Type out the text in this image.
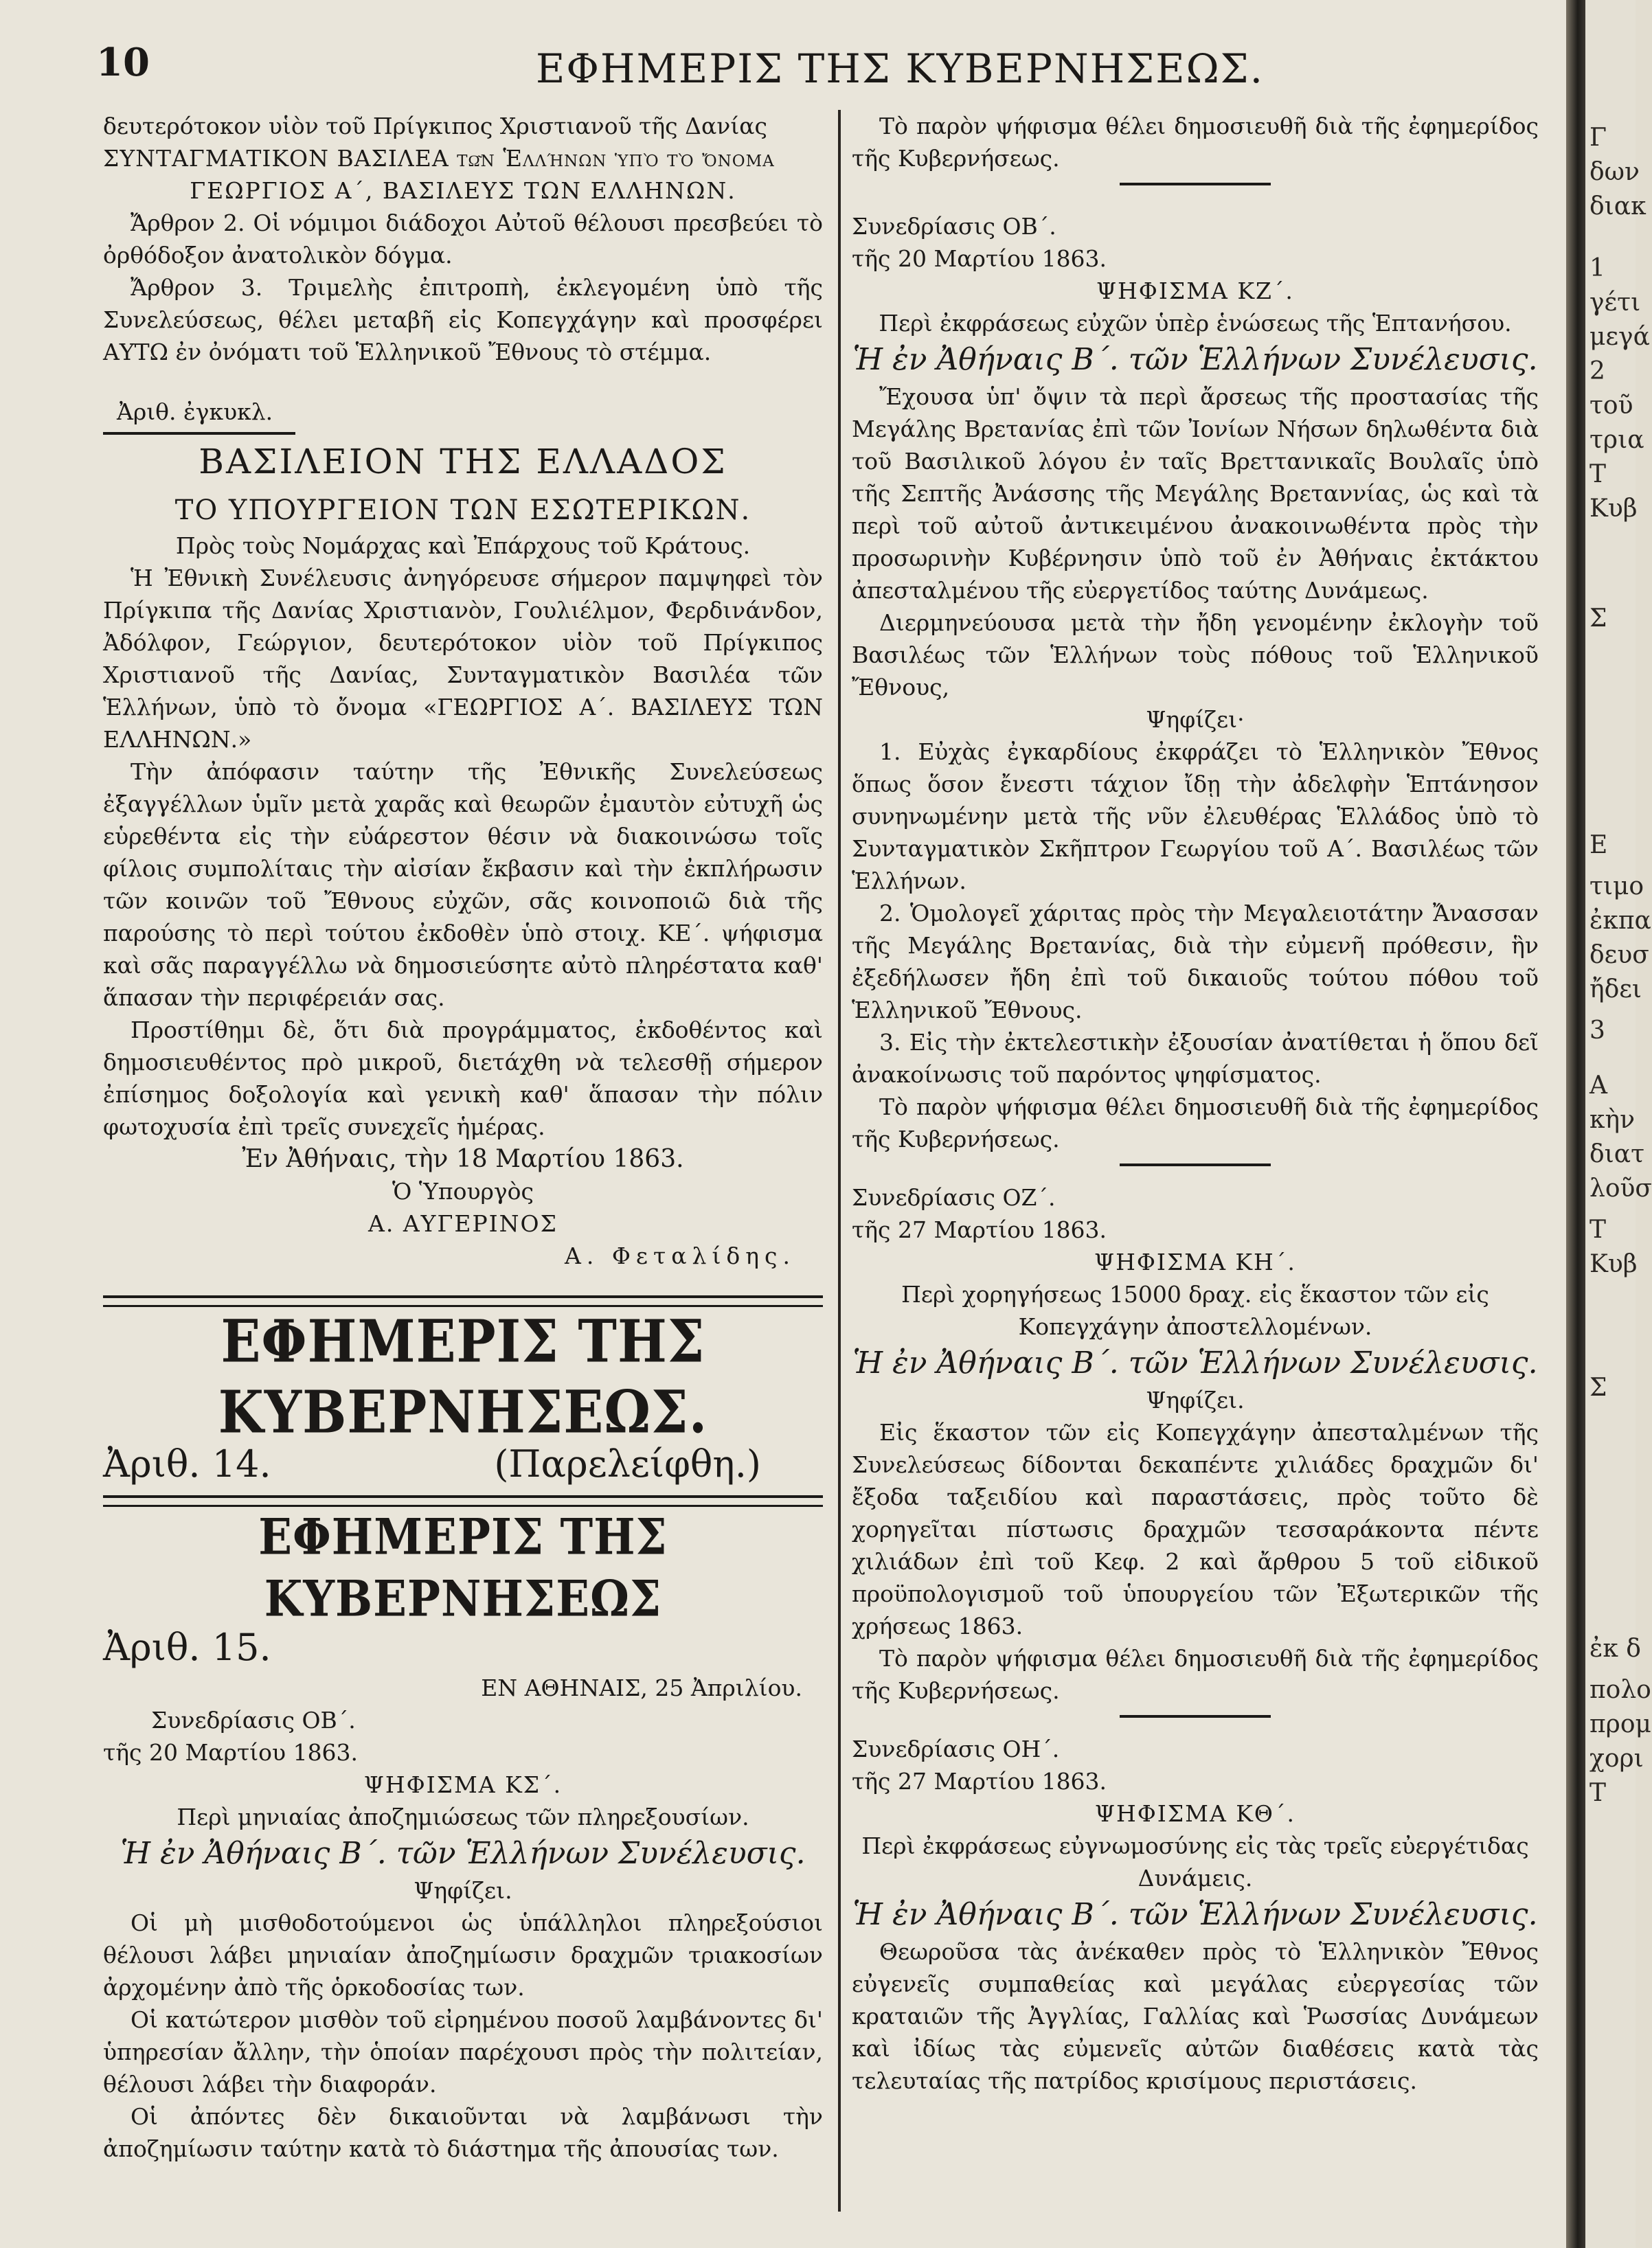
10	ΕΦΗΜΕΡΙΣ ΤΗΣ ΚΥΒΕΡΝΗΣΕΩΣ.

δευτερότοκον υἱὸν τοῦ Πρίγκιπος Χριστιανοῦ τῆς Δανίας

ΣΥΝΤΑΓΜΑΤΙΚΟΝ ΒΑΣΙΛΕΑ τῶν Ἑλλήνων ὑπὸ τὸ ὄνομα

ΓΕΩΡΓΙΟΣ Α΄, ΒΑΣΙΛΕΥΣ ΤΩΝ ΕΛΛΗΝΩΝ.

Ἄρθρον 2. Οἱ νόμιμοι διάδοχοι Αὐτοῦ θέλουσι πρεσβεύει τὸ ὀρθόδοξον ἀνατολικὸν δόγμα.

Ἄρθρον 3. Τριμελὴς ἐπιτροπὴ, ἐκλεγομένη ὑπὸ τῆς Συνελεύσεως, θέλει μεταβῆ εἰς Κοπεγχάγην καὶ προσφέρει ΑΥΤΩ ἐν ὀνόματι τοῦ Ἑλληνικοῦ Ἔθνους τὸ στέμμα.

Ἀριθ. ἐγκυκλ.

ΒΑΣΙΛΕΙΟΝ ΤΗΣ ΕΛΛΑΔΟΣ
ΤΟ ΥΠΟΥΡΓΕΙΟΝ ΤΩΝ ΕΣΩΤΕΡΙΚΩΝ.

Πρὸς τοὺς Νομάρχας καὶ Ἐπάρχους τοῦ Κράτους.

Ἡ Ἐθνικὴ Συνέλευσις ἀνηγόρευσε σήμερον παμψηφεὶ τὸν Πρίγκιπα τῆς Δανίας Χριστιανὸν, Γουλιέλμον, Φερδινάνδον, Ἀδόλφον, Γεώργιον, δευτερότοκον υἱὸν τοῦ Πρίγκιπος Χριστιανοῦ τῆς Δανίας, Συνταγματικὸν Βασιλέα τῶν Ἑλλήνων, ὑπὸ τὸ ὄνομα «ΓΕΩΡΓΙΟΣ Α΄. ΒΑΣΙΛΕΥΣ ΤΩΝ ΕΛΛΗΝΩΝ.»

Τὴν ἀπόφασιν ταύτην τῆς Ἐθνικῆς Συνελεύσεως ἐξαγγέλλων ὑμῖν μετὰ χαρᾶς καὶ θεωρῶν ἐμαυτὸν εὐτυχῆ ὡς εὑρεθέντα εἰς τὴν εὐάρεστον θέσιν νὰ διακοινώσω τοῖς φίλοις συμπολίταις τὴν αἰσίαν ἔκβασιν καὶ τὴν ἐκπλήρωσιν τῶν κοινῶν τοῦ Ἔθνους εὐχῶν, σᾶς κοινοποιῶ διὰ τῆς παρούσης τὸ περὶ τούτου ἐκδοθὲν ὑπὸ στοιχ. ΚΕ΄. ψήφισμα καὶ σᾶς παραγγέλλω νὰ δημοσιεύσητε αὐτὸ πληρέστατα καθ' ἅπασαν τὴν περιφέρειάν σας.

Προστίθημι δὲ, ὅτι διὰ προγράμματος, ἐκδοθέντος καὶ δημοσιευθέντος πρὸ μικροῦ, διετάχθη νὰ τελεσθῇ σήμερον ἐπίσημος δοξολογία καὶ γενικὴ καθ' ἅπασαν τὴν πόλιν φωτοχυσία ἐπὶ τρεῖς συνεχεῖς ἡμέρας.

Ἐν Ἀθήναις, τὴν 18 Μαρτίου 1863.

Ὁ Ὑπουργὸς

Α. ΑΥΓΕΡΙΝΟΣ

Α. Φεταλίδης.

ΕΦΗΜΕΡΙΣ ΤΗΣ ΚΥΒΕΡΝΗΣΕΩΣ.
Ἀριθ. 14.	(Παρελείφθη.)
ΕΦΗΜΕΡΙΣ ΤΗΣ ΚΥΒΕΡΝΗΣΕΩΣ
Ἀριθ. 15.

ΕΝ ΑΘΗΝΑΙΣ, 25 Ἀπριλίου.

Συνεδρίασις ΟΒ΄.

τῆς 20 Μαρτίου 1863.

ΨΗΦΙΣΜΑ ΚΣ΄.

Περὶ μηνιαίας ἀποζημιώσεως τῶν πληρεξουσίων.

Ἡ ἐν Ἀθήναις Β΄. τῶν Ἑλλήνων Συνέλευσις.

Ψηφίζει.

Οἱ μὴ μισθοδοτούμενοι ὡς ὑπάλληλοι πληρεξούσιοι θέλουσι λάβει μηνιαίαν ἀποζημίωσιν δραχμῶν τριακοσίων ἀρχομένην ἀπὸ τῆς ὁρκοδοσίας των.

Οἱ κατώτερον μισθὸν τοῦ εἰρημένου ποσοῦ λαμβάνοντες δι' ὑπηρεσίαν ἄλλην, τὴν ὁποίαν παρέχουσι πρὸς τὴν πολιτείαν, θέλουσι λάβει τὴν διαφοράν.

Οἱ ἀπόντες δὲν δικαιοῦνται νὰ λαμβάνωσι τὴν ἀποζημίωσιν ταύτην κατὰ τὸ διάστημα τῆς ἀπουσίας των.

Τὸ παρὸν ψήφισμα θέλει δημοσιευθῆ διὰ τῆς ἐφημερίδος τῆς Κυβερνήσεως.

Συνεδρίασις ΟΒ΄.

τῆς 20 Μαρτίου 1863.

ΨΗΦΙΣΜΑ ΚΖ΄.

Περὶ ἐκφράσεως εὐχῶν ὑπὲρ ἑνώσεως τῆς Ἑπτανήσου.

Ἡ ἐν Ἀθήναις Β΄. τῶν Ἑλλήνων Συνέλευσις.

Ἔχουσα ὑπ' ὄψιν τὰ περὶ ἄρσεως τῆς προστασίας τῆς Μεγάλης Βρετανίας ἐπὶ τῶν Ἰονίων Νήσων δηλωθέντα διὰ τοῦ Βασιλικοῦ λόγου ἐν ταῖς Βρεττανικαῖς Βουλαῖς ὑπὸ τῆς Σεπτῆς Ἀνάσσης τῆς Μεγάλης Βρεταννίας, ὡς καὶ τὰ περὶ τοῦ αὐτοῦ ἀντικειμένου ἀνακοινωθέντα πρὸς τὴν προσωρινὴν Κυβέρνησιν ὑπὸ τοῦ ἐν Ἀθήναις ἐκτάκτου ἀπεσταλμένου τῆς εὐεργετίδος ταύτης Δυνάμεως.

Διερμηνεύουσα μετὰ τὴν ἤδη γενομένην ἐκλογὴν τοῦ Βασιλέως τῶν Ἑλλήνων τοὺς πόθους τοῦ Ἑλληνικοῦ Ἔθνους,

Ψηφίζει·

1. Εὐχὰς ἐγκαρδίους ἐκφράζει τὸ Ἑλληνικὸν Ἔθνος ὅπως ὅσον ἔνεστι τάχιον ἴδῃ τὴν ἀδελφὴν Ἑπτάνησον συνηνωμένην μετὰ τῆς νῦν ἐλευθέρας Ἑλλάδος ὑπὸ τὸ Συνταγματικὸν Σκῆπτρον Γεωργίου τοῦ Α΄. Βασιλέως τῶν Ἑλλήνων.

2. Ὁμολογεῖ χάριτας πρὸς τὴν Μεγαλειοτάτην Ἄνασσαν τῆς Μεγάλης Βρετανίας, διὰ τὴν εὐμενῆ πρόθεσιν, ἣν ἐξεδήλωσεν ἤδη ἐπὶ τοῦ δικαιοῦς τούτου πόθου τοῦ Ἑλληνικοῦ Ἔθνους.

3. Εἰς τὴν ἐκτελεστικὴν ἐξουσίαν ἀνατίθεται ἡ ὅπου δεῖ ἀνακοίνωσις τοῦ παρόντος ψηφίσματος.

Τὸ παρὸν ψήφισμα θέλει δημοσιευθῆ διὰ τῆς ἐφημερίδος τῆς Κυβερνήσεως.

Συνεδρίασις ΟΖ΄.

τῆς 27 Μαρτίου 1863.

ΨΗΦΙΣΜΑ ΚΗ΄.

Περὶ χορηγήσεως 15000 δραχ. εἰς ἕκαστον τῶν εἰς Κοπεγχάγην ἀποστελλομένων.

Ἡ ἐν Ἀθήναις Β΄. τῶν Ἑλλήνων Συνέλευσις.

Ψηφίζει.

Εἰς ἕκαστον τῶν εἰς Κοπεγχάγην ἀπεσταλμένων τῆς Συνελεύσεως δίδονται δεκαπέντε χιλιάδες δραχμῶν δι' ἔξοδα ταξειδίου καὶ παραστάσεις, πρὸς τοῦτο δὲ χορηγεῖται πίστωσις δραχμῶν τεσσαράκοντα πέντε χιλιάδων ἐπὶ τοῦ Κεφ. 2 καὶ ἄρθρου 5 τοῦ εἰδικοῦ προϋπολογισμοῦ τοῦ ὑπουργείου τῶν Ἐξωτερικῶν τῆς χρήσεως 1863.

Τὸ παρὸν ψήφισμα θέλει δημοσιευθῆ διὰ τῆς ἐφημερίδος τῆς Κυβερνήσεως.

Συνεδρίασις ΟΗ΄.

τῆς 27 Μαρτίου 1863.

ΨΗΦΙΣΜΑ ΚΘ΄.

Περὶ ἐκφράσεως εὐγνωμοσύνης εἰς τὰς τρεῖς εὐεργέτιδας Δυνάμεις.

Ἡ ἐν Ἀθήναις Β΄. τῶν Ἑλλήνων Συνέλευσις.

Θεωροῦσα τὰς ἀνέκαθεν πρὸς τὸ Ἑλληνικὸν Ἔθνος εὐγενεῖς συμπαθείας καὶ μεγάλας εὐεργεσίας τῶν κραταιῶν τῆς Ἀγγλίας, Γαλλίας καὶ Ῥωσσίας Δυνάμεων καὶ ἰδίως τὰς εὐμενεῖς αὐτῶν διαθέσεις κατὰ τὰς τελευταίας τῆς πατρίδος κρισίμους περιστάσεις.

Γ
δων
διακ
1
γέτι
μεγά
2
τοῦ
τρια
Τ
Κυβ
Σ
Ε
τιμο
ἐκπα
δευσ
ἤδει
3
Α
κὴν
διατ
λοῦσ
Τ
Κυβ
Σ
ἐκ δ
πολο
προμ
χορι
Τ
